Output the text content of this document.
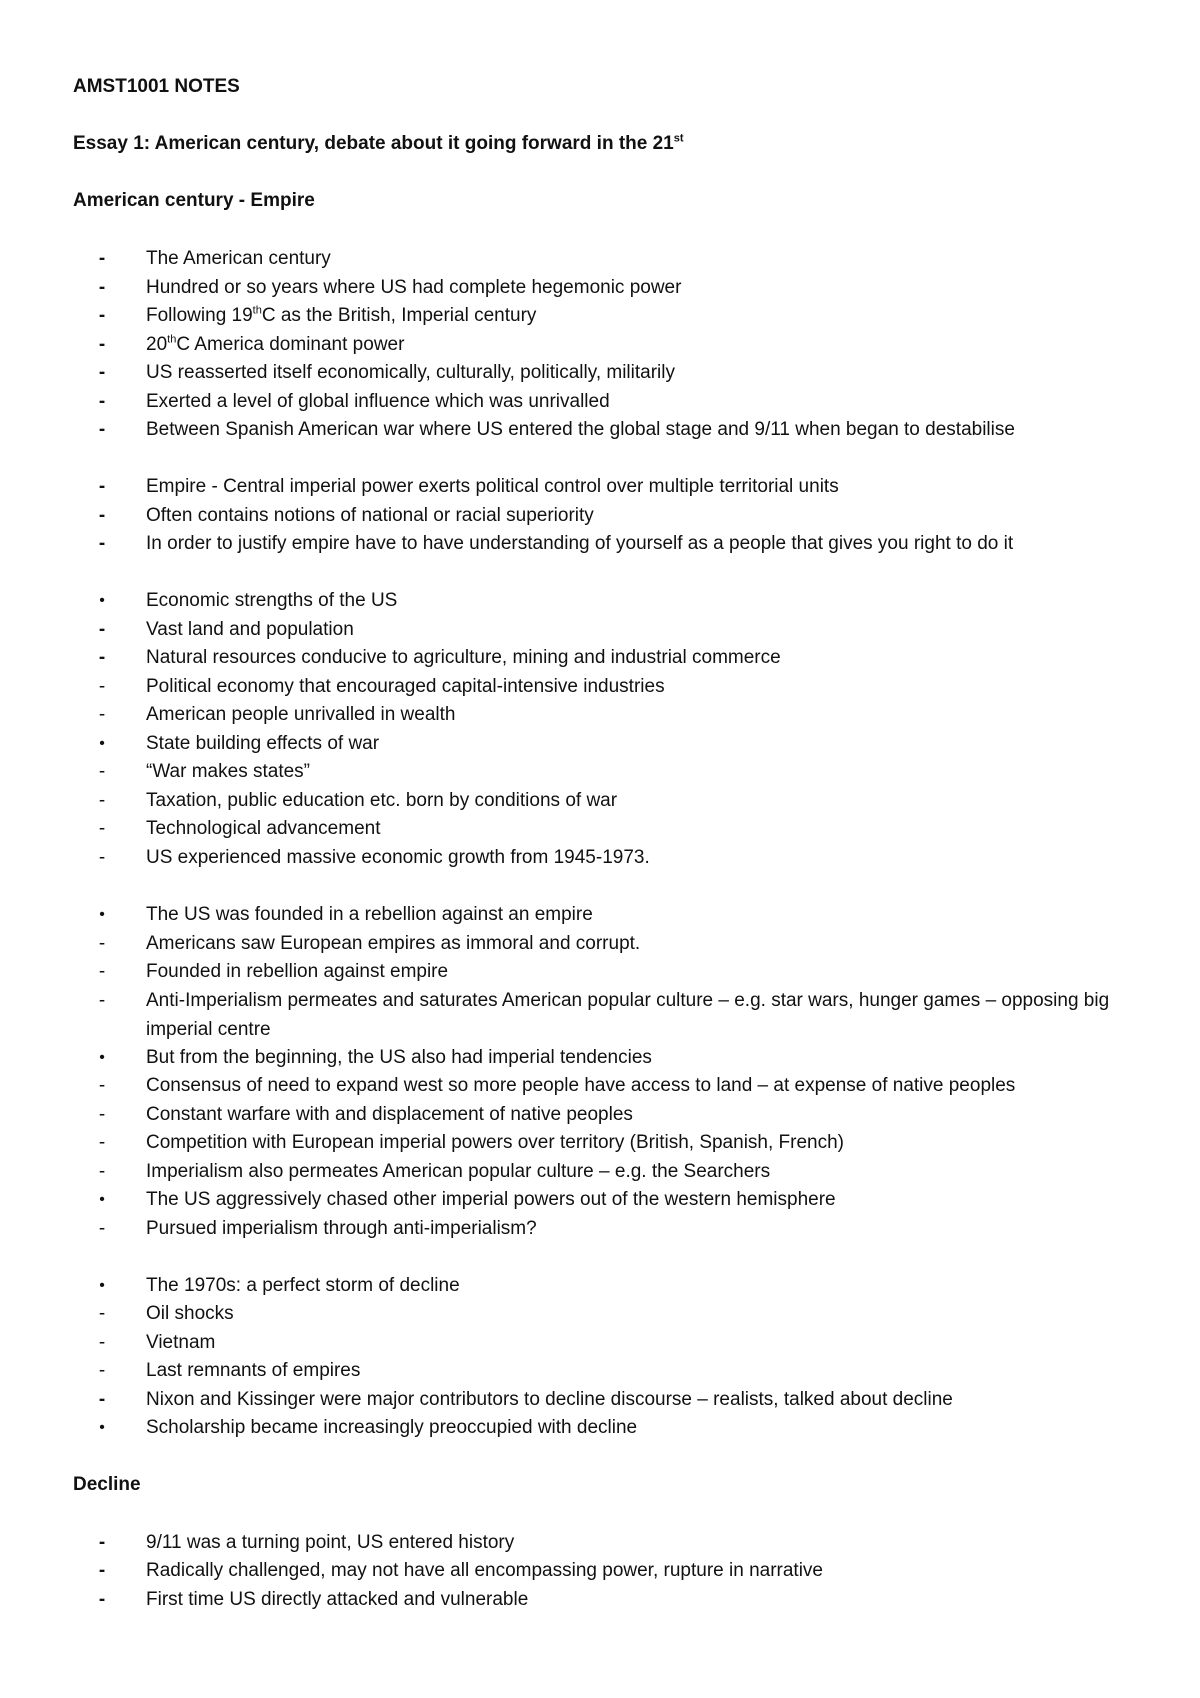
AMST1001 NOTES
Essay 1: American century, debate about it going forward in the 21st
American century - Empire
- The American century
- Hundred or so years where US had complete hegemonic power
- Following 19thC as the British, Imperial century
- 20thC America dominant power
- US reasserted itself economically, culturally, politically, militarily
- Exerted a level of global influence which was unrivalled
- Between Spanish American war where US entered the global stage and 9/11 when began to destabilise
- Empire - Central imperial power exerts political control over multiple territorial units
- Often contains notions of national or racial superiority
- In order to justify empire have to have understanding of yourself as a people that gives you right to do it
• Economic strengths of the US
- Vast land and population
- Natural resources conducive to agriculture, mining and industrial commerce
- Political economy that encouraged capital-intensive industries
- American people unrivalled in wealth
• State building effects of war
- “War makes states”
- Taxation, public education etc. born by conditions of war
- Technological advancement
- US experienced massive economic growth from 1945-1973.
• The US was founded in a rebellion against an empire
- Americans saw European empires as immoral and corrupt.
- Founded in rebellion against empire
- Anti-Imperialism permeates and saturates American popular culture – e.g. star wars, hunger games – opposing big imperial centre
• But from the beginning, the US also had imperial tendencies
- Consensus of need to expand west so more people have access to land – at expense of native peoples
- Constant warfare with and displacement of native peoples
- Competition with European imperial powers over territory (British, Spanish, French)
- Imperialism also permeates American popular culture – e.g. the Searchers
• The US aggressively chased other imperial powers out of the western hemisphere
- Pursued imperialism through anti-imperialism?
• The 1970s: a perfect storm of decline
- Oil shocks
- Vietnam
- Last remnants of empires
- Nixon and Kissinger were major contributors to decline discourse – realists, talked about decline
• Scholarship became increasingly preoccupied with decline
Decline
- 9/11 was a turning point, US entered history
- Radically challenged, may not have all encompassing power, rupture in narrative
- First time US directly attacked and vulnerable
